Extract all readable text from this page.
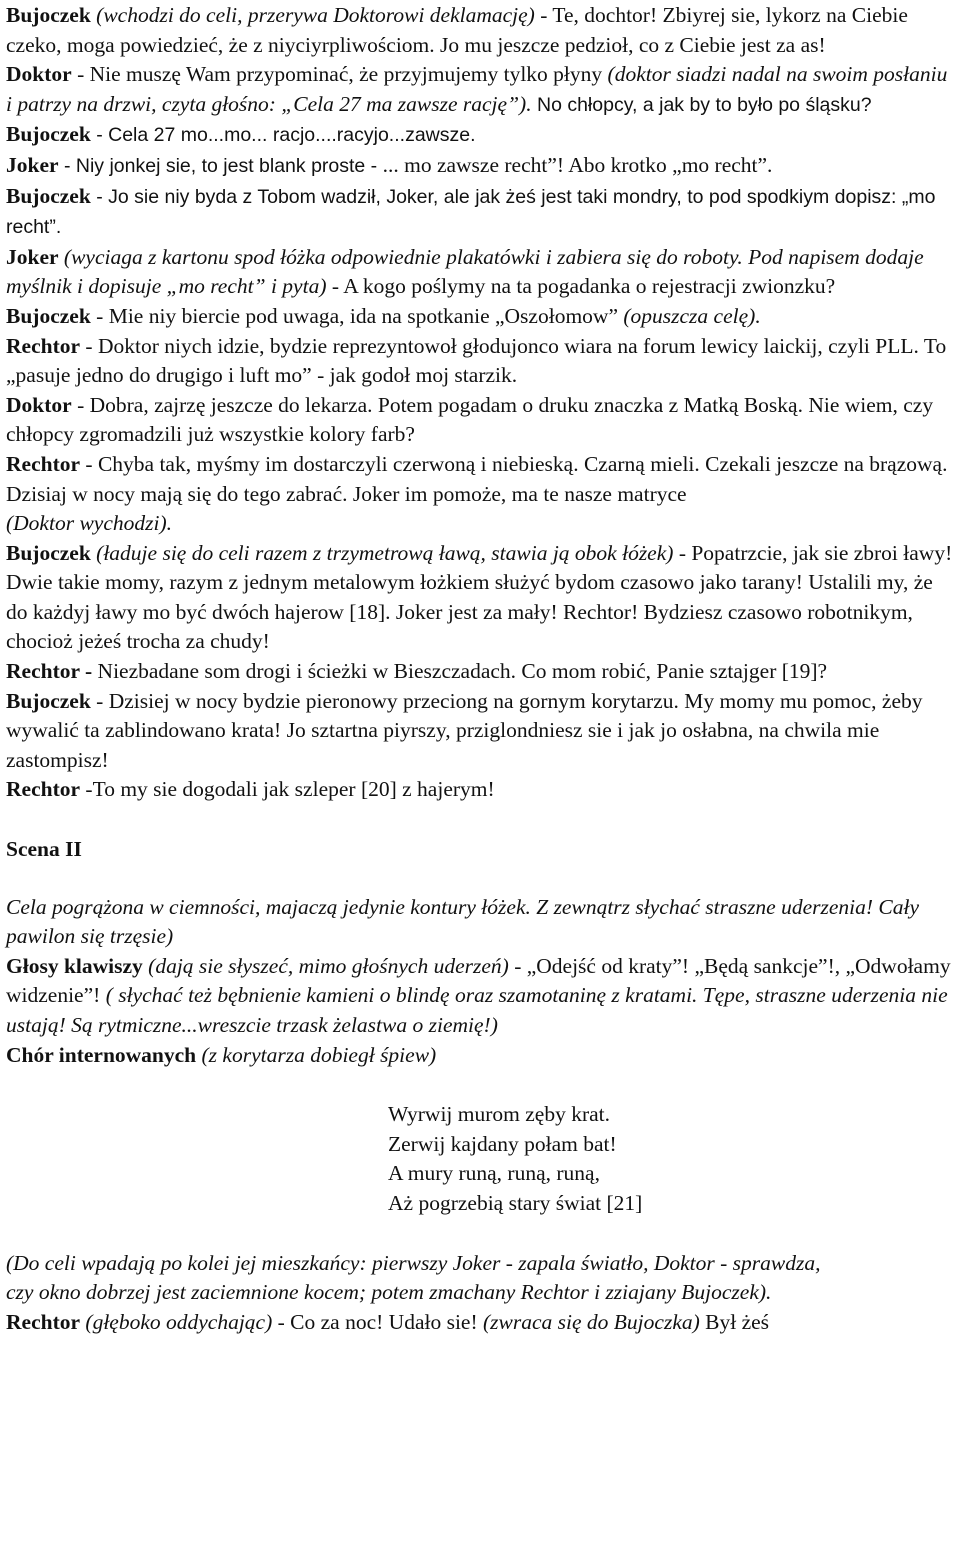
Bujoczek (wchodzi do celi, przerywa Doktorowi deklamację) - Te, dochtor! Zbiyrej sie, lykorz na Ciebie czeko, moga powiedzieć, że z niyciyrpliwościom. Jo mu jeszcze pedzioł, co z Ciebie jest za as!

Doktor - Nie muszę Wam przypominać, że przyjmujemy tylko płyny (doktor siadzi nadal na swoim posłaniu i patrzy na drzwi, czyta głośno: „Cela 27 ma zawsze rację”). No chłopcy, a jak by to było po śląsku?

Bujoczek - Cela 27 mo...mo... racjo....racyjo...zawsze.

Joker - Niy jonkej sie, to jest blank proste - ... mo zawsze recht”! Abo krotko „mo recht”.

Bujoczek - Jo sie niy byda z Tobom wadził, Joker, ale jak żeś jest taki mondry, to pod spodkiym dopisz: „mo recht”.

Joker (wyciaga z kartonu spod łóżka odpowiednie plakatówki i zabiera się do roboty. Pod napisem dodaje myślnik i dopisuje „mo recht” i pyta) - A kogo poślymy na ta pogadanka o rejestracji zwionzku?

Bujoczek - Mie niy biercie pod uwaga, ida na spotkanie „Oszołomow” (opuszcza celę).

Rechtor - Doktor niych idzie, bydzie reprezyntowoł głodujonco wiara na forum lewicy laickij, czyli PLL. To „pasuje jedno do drugigo i luft mo” - jak godoł moj starzik.

Doktor - Dobra, zajrzę jeszcze do lekarza. Potem pogadam o druku znaczka z Matką Boską. Nie wiem, czy chłopcy zgromadzili już wszystkie kolory farb?

Rechtor - Chyba tak, myśmy im dostarczyli czerwoną i niebieską. Czarną mieli. Czekali jeszcze na brązową. Dzisiaj w nocy mają się do tego zabrać. Joker im pomoże, ma te nasze matryce

(Doktor wychodzi).

Bujoczek (ładuje się do celi razem z trzymetrową ławą, stawia ją obok łóżek) - Popatrzcie, jak sie zbroi ławy! Dwie takie momy, razym z jednym metalowym łożkiem służyć bydom czasowo jako tarany! Ustalili my, że do każdyj ławy mo być dwóch hajerow [18]. Joker jest za mały! Rechtor! Bydziesz czasowo robotnikym, chocioż jeżeś trocha za chudy!

Rechtor - Niezbadane som drogi i ścieżki w Bieszczadach. Co mom robić, Panie sztajger [19]?

Bujoczek - Dzisiej w nocy bydzie pieronowy przeciong na gornym korytarzu. My momy mu pomoc, żeby wywalić ta zablindowano krata! Jo sztartna piyrszy, prziglondniesz sie i jak jo osłabna, na chwila mie zastompisz!

Rechtor -To my sie dogodali jak szleper [20] z hajerym!

Scena II

Cela pogrążona w ciemności, majaczą jedynie kontury łóżek. Z zewnątrz słychać straszne uderzenia! Cały pawilon się trzęsie)

Głosy klawiszy (dają sie słyszeć, mimo głośnych uderzeń) - „Odejść od kraty”! „Będą sankcje”!, „Odwołamy widzenie”! ( słychać też bębnienie kamieni o blindę oraz szamotaninę z kratami. Tępe, straszne uderzenia nie ustają! Są rytmiczne...wreszcie trzask żelastwa o ziemię!)

Chór internowanych (z korytarza dobiegł śpiew)

Wyrwij murom zęby krat.

Zerwij kajdany połam bat!

A mury runą, runą, runą,

Aż pogrzebią stary świat [21]

(Do celi wpadają po kolei jej mieszkańcy: pierwszy Joker - zapala światło, Doktor - sprawdza,

czy okno dobrzej jest zaciemnione kocem; potem zmachany Rechtor i zziajany Bujoczek).

Rechtor (głęboko oddychając) - Co za noc! Udało sie! (zwraca się do Bujoczka) Był żeś
